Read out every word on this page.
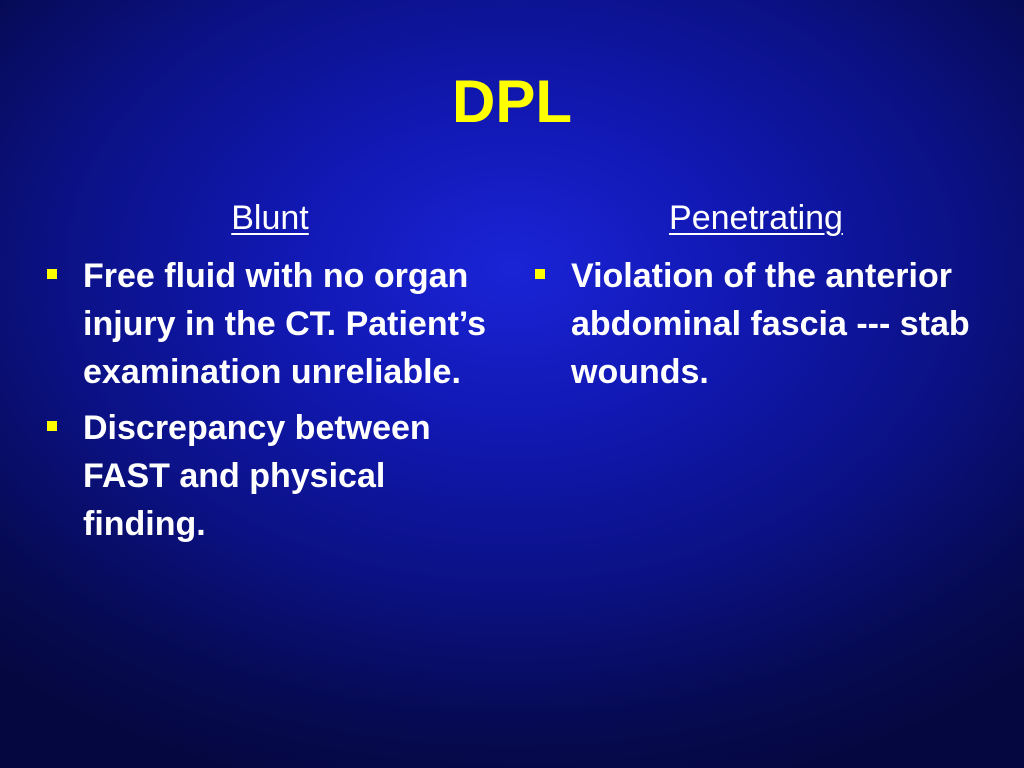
DPL
Blunt
Free fluid with no organ injury in the CT. Patient’s examination unreliable.
Discrepancy between FAST and physical finding.
Penetrating
Violation of the anterior abdominal fascia --- stab wounds.
